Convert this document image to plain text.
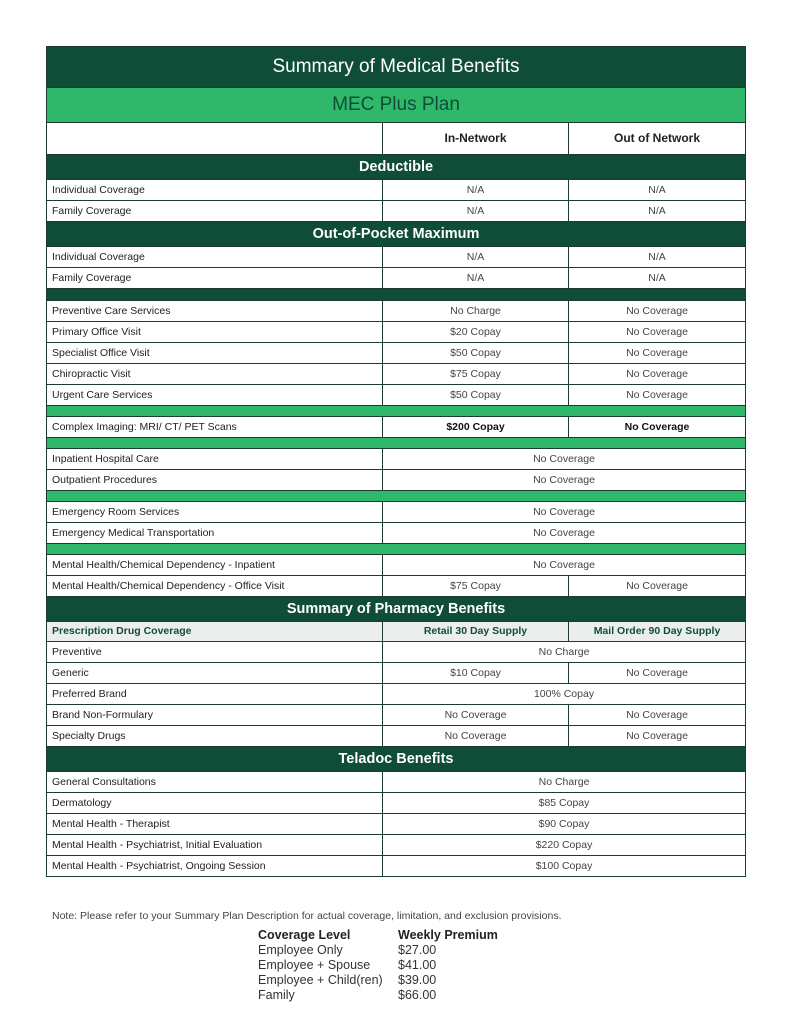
Summary of Medical Benefits		
MEC Plus Plan		
	In-Network	Out of Network
Deductible		
Individual Coverage	N/A	N/A
Family Coverage	N/A	N/A
Out-of-Pocket Maximum		
Individual Coverage	N/A	N/A
Family Coverage	N/A	N/A

Preventive Care Services	No Charge	No Coverage
Primary Office Visit	$20 Copay	No Coverage
Specialist Office Visit	$50 Copay	No Coverage
Chiropractic Visit	$75 Copay	No Coverage
Urgent Care Services	$50 Copay	No Coverage

Complex Imaging: MRI/ CT/ PET Scans	$200 Copay	No Coverage

Inpatient Hospital Care	No Coverage	
Outpatient Procedures	No Coverage	

Emergency Room Services	No Coverage	
Emergency Medical Transportation	No Coverage	

Mental Health/Chemical Dependency - Inpatient	No Coverage	
Mental Health/Chemical Dependency - Office Visit	$75 Copay	No Coverage
Summary of Pharmacy Benefits		
Prescription Drug Coverage	Retail 30 Day Supply	Mail Order 90 Day Supply
Preventive	No Charge	
Generic	$10 Copay	No Coverage
Preferred Brand	100% Copay	
Brand Non-Formulary	No Coverage	No Coverage
Specialty Drugs	No Coverage	No Coverage
Teladoc Benefits		
General Consultations	No Charge	
Dermatology	$85 Copay	
Mental Health - Therapist	$90 Copay	
Mental Health - Psychiatrist, Initial Evaluation	$220 Copay	
Mental Health - Psychiatrist, Ongoing Session	$100 Copay	
Note: Please refer to your Summary Plan Description for actual coverage, limitation, and exclusion provisions.
Coverage Level	Weekly Premium
Employee Only	$27.00
Employee + Spouse	$41.00
Employee + Child(ren)	$39.00
Family	$66.00
